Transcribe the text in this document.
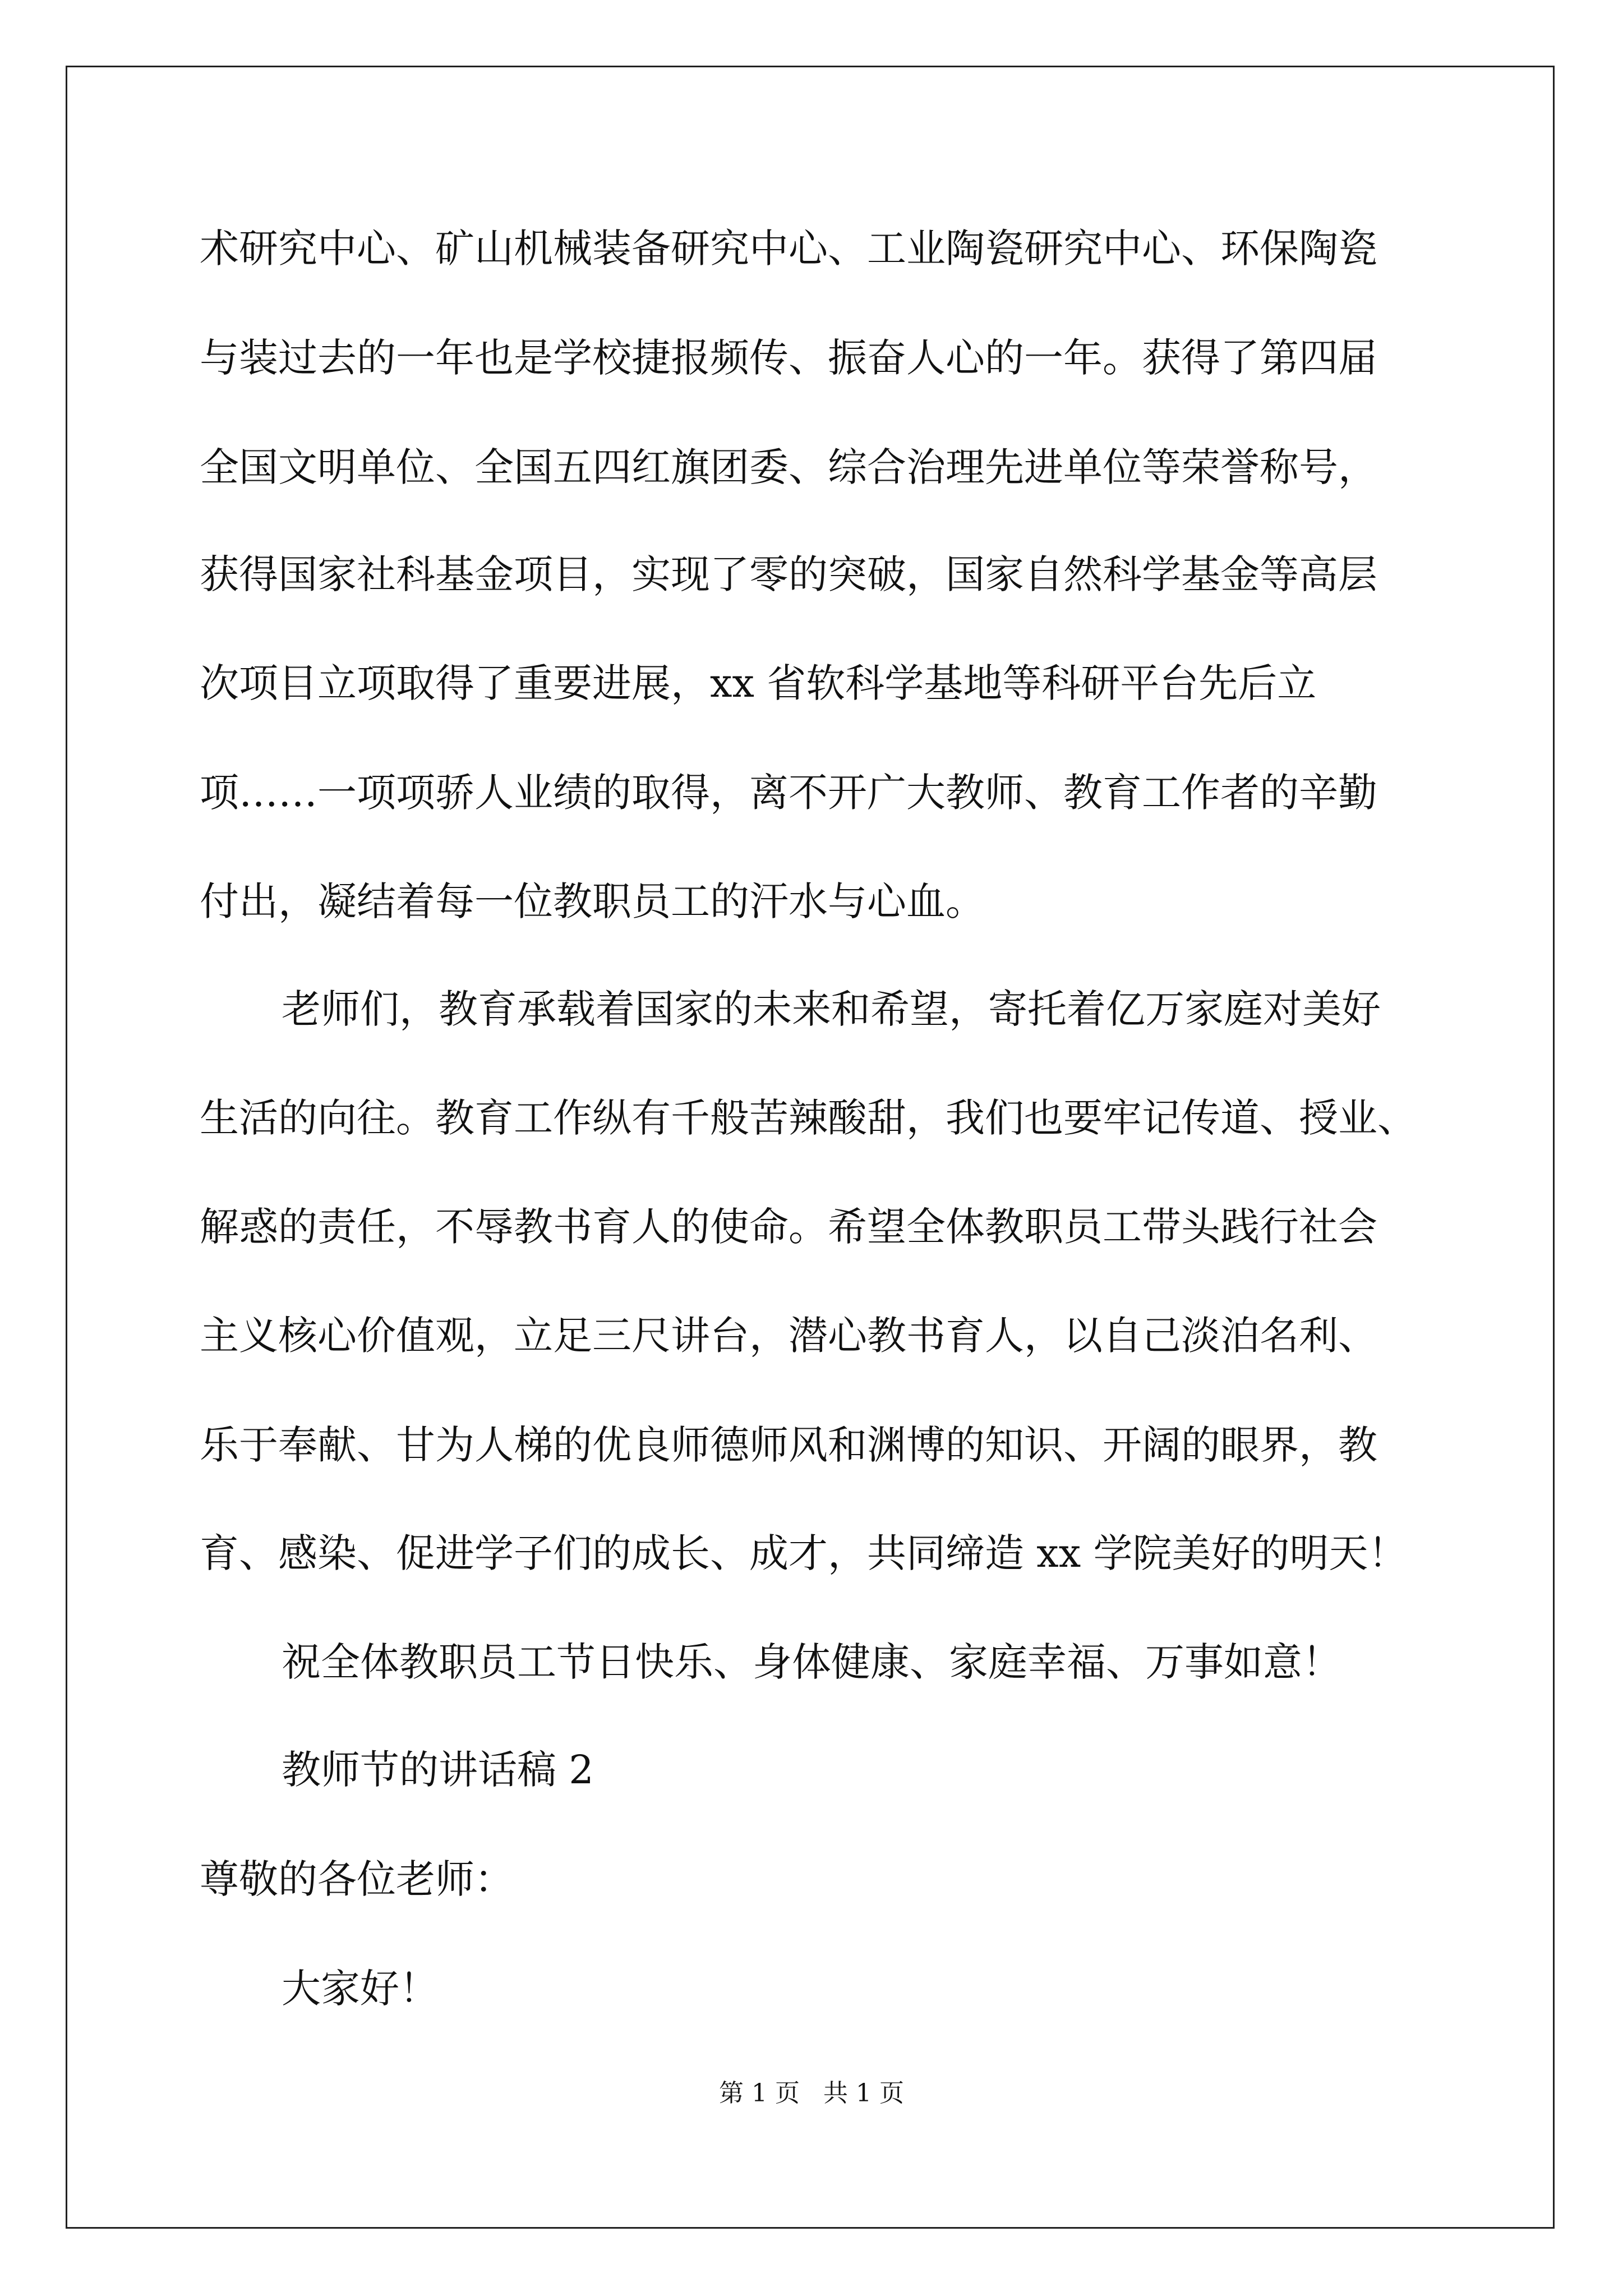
术研究中心、矿山机械装备研究中心、工业陶瓷研究中心、环保陶瓷

与装过去的一年也是学校捷报频传、振奋人心的一年。获得了第四届

全国文明单位、全国五四红旗团委、综合治理先进单位等荣誉称号，

获得国家社科基金项目，实现了零的突破，国家自然科学基金等高层

次项目立项取得了重要进展，xx 省软科学基地等科研平台先后立

项……一项项骄人业绩的取得，离不开广大教师、教育工作者的辛勤

付出，凝结着每一位教职员工的汗水与心血。

老师们，教育承载着国家的未来和希望，寄托着亿万家庭对美好

生活的向往。教育工作纵有千般苦辣酸甜，我们也要牢记传道、授业、

解惑的责任，不辱教书育人的使命。希望全体教职员工带头践行社会

主义核心价值观，立足三尺讲台，潜心教书育人，以自己淡泊名利、

乐于奉献、甘为人梯的优良师德师风和渊博的知识、开阔的眼界，教

育、感染、促进学子们的成长、成才，共同缔造 xx 学院美好的明天！

祝全体教职员工节日快乐、身体健康、家庭幸福、万事如意！

教师节的讲话稿 2

尊敬的各位老师：

大家好！

第 1 页   共 1 页
